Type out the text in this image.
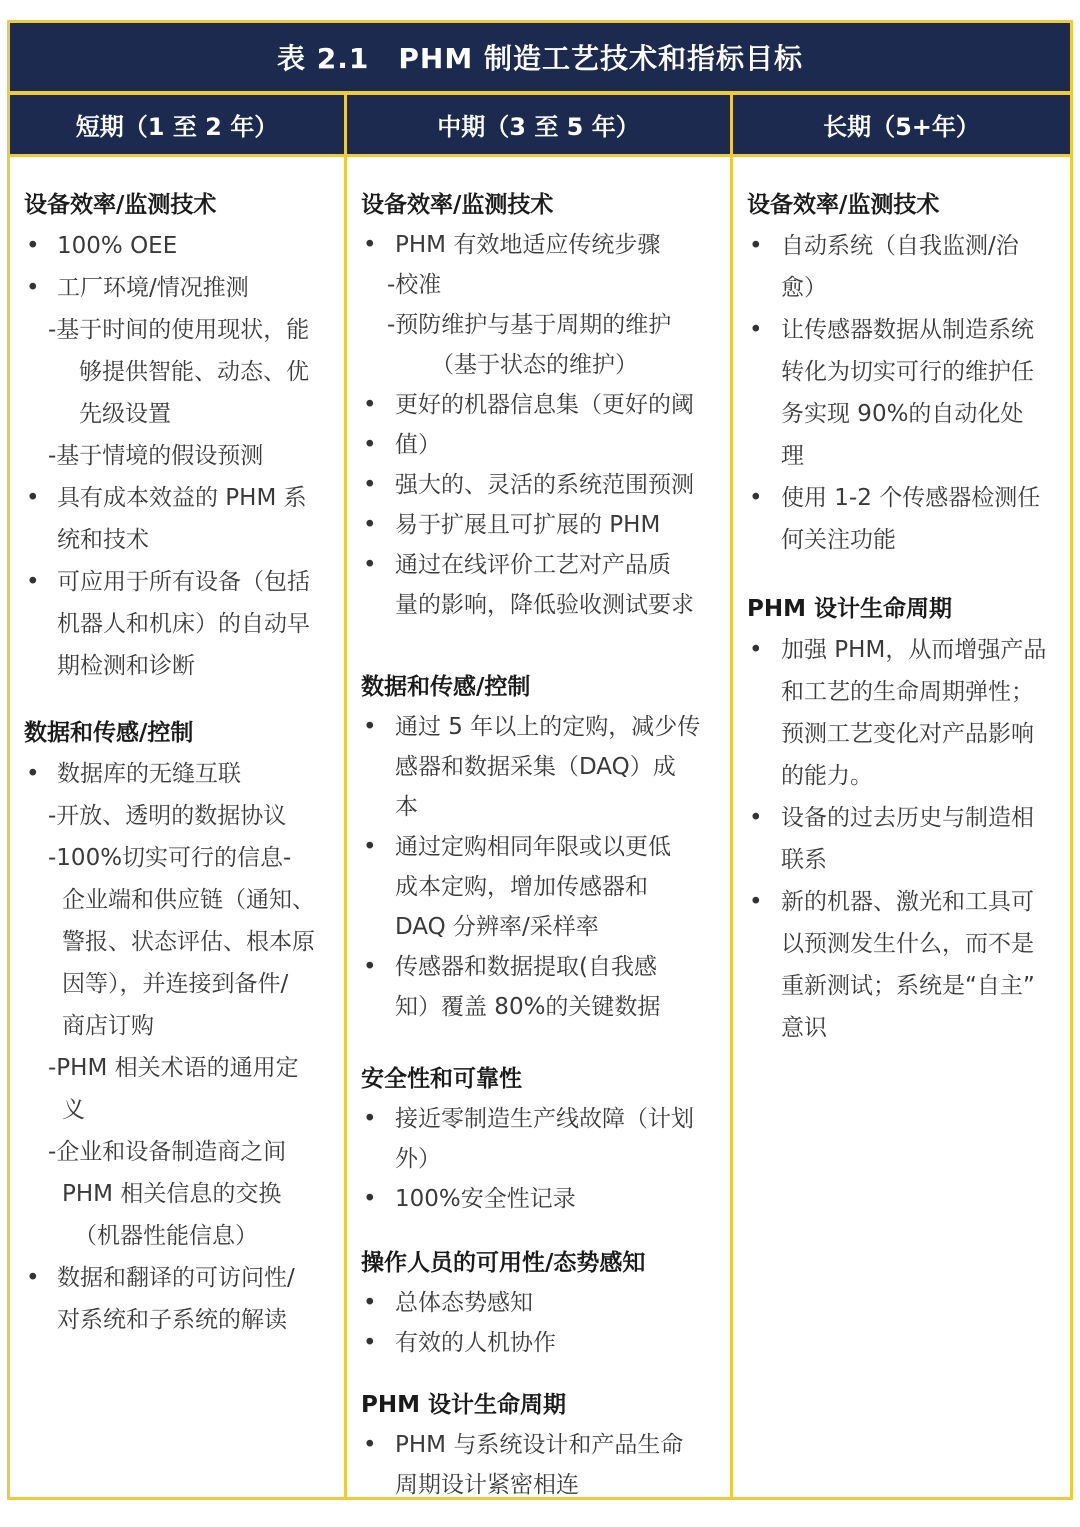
表 2.1　PHM 制造工艺技术和指标目标
短期（1 至 2 年）	中期（3 至 5 年）	长期（5+年）
设备效率/监测技术
• 100% OEE
• 工厂环境/情况推测
-基于时间的使用现状，能
够提供智能、动态、优
先级设置
-基于情境的假设预测
• 具有成本效益的 PHM 系
统和技术
• 可应用于所有设备（包括
机器人和机床）的自动早
期检测和诊断
数据和传感/控制
• 数据库的无缝互联
-开放、透明的数据协议
-100%切实可行的信息-
企业端和供应链（通知、
警报、状态评估、根本原
因等），并连接到备件/
商店订购
-PHM 相关术语的通用定
义
-企业和设备制造商之间
PHM 相关信息的交换
（机器性能信息）
• 数据和翻译的可访问性/
对系统和子系统的解读
设备效率/监测技术
• PHM 有效地适应传统步骤
-校准
-预防维护与基于周期的维护
（基于状态的维护）
• 更好的机器信息集（更好的阈
• 值）
• 强大的、灵活的系统范围预测
• 易于扩展且可扩展的 PHM
• 通过在线评价工艺对产品质
量的影响，降低验收测试要求
数据和传感/控制
• 通过 5 年以上的定购，减少传
感器和数据采集（DAQ）成
本
• 通过定购相同年限或以更低
成本定购，增加传感器和
DAQ 分辨率/采样率
• 传感器和数据提取(自我感
知）覆盖 80%的关键数据
安全性和可靠性
• 接近零制造生产线故障（计划
外）
• 100%安全性记录
操作人员的可用性/态势感知
• 总体态势感知
• 有效的人机协作
PHM 设计生命周期
• PHM 与系统设计和产品生命
周期设计紧密相连
设备效率/监测技术
• 自动系统（自我监测/治
愈）
• 让传感器数据从制造系统
转化为切实可行的维护任
务实现 90%的自动化处
理
• 使用 1-2 个传感器检测任
何关注功能
PHM 设计生命周期
• 加强 PHM，从而增强产品
和工艺的生命周期弹性；
预测工艺变化对产品影响
的能力。
• 设备的过去历史与制造相
联系
• 新的机器、激光和工具可
以预测发生什么，而不是
重新测试；系统是“自主”
意识
